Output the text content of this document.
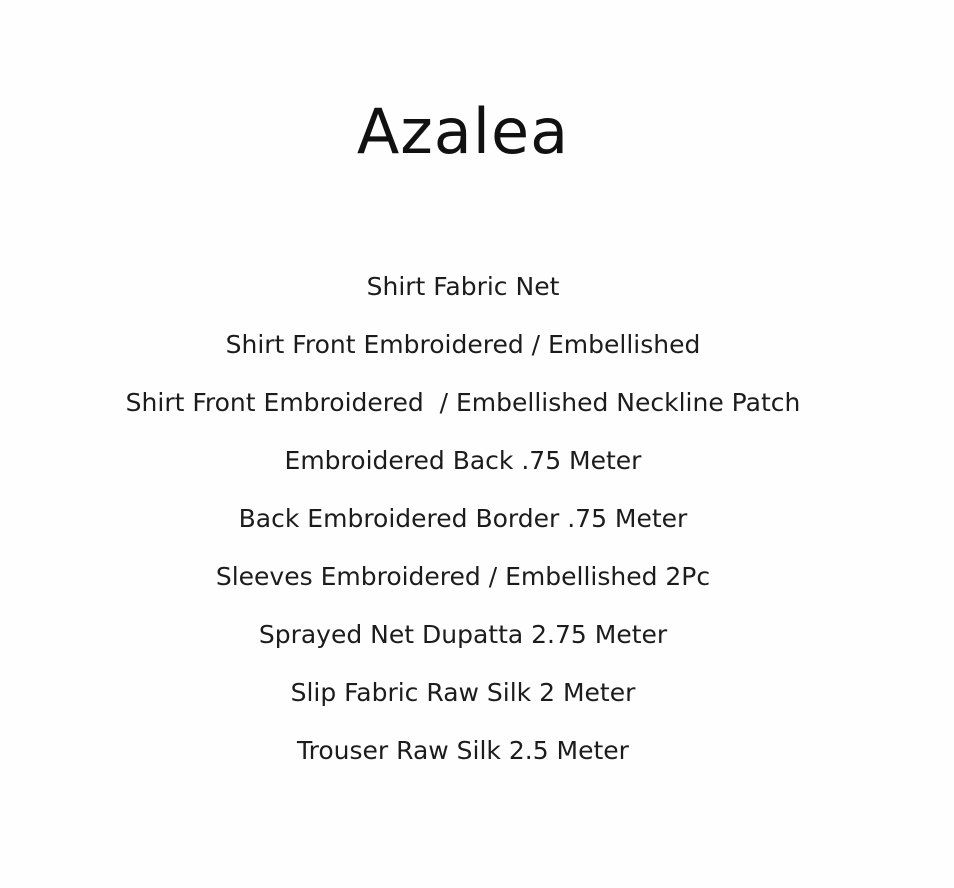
Azalea
Shirt Fabric Net
Shirt Front Embroidered / Embellished
Shirt Front Embroidered  / Embellished Neckline Patch
Embroidered Back .75 Meter
Back Embroidered Border .75 Meter
Sleeves Embroidered / Embellished 2Pc
Sprayed Net Dupatta 2.75 Meter
Slip Fabric Raw Silk 2 Meter
Trouser Raw Silk 2.5 Meter
